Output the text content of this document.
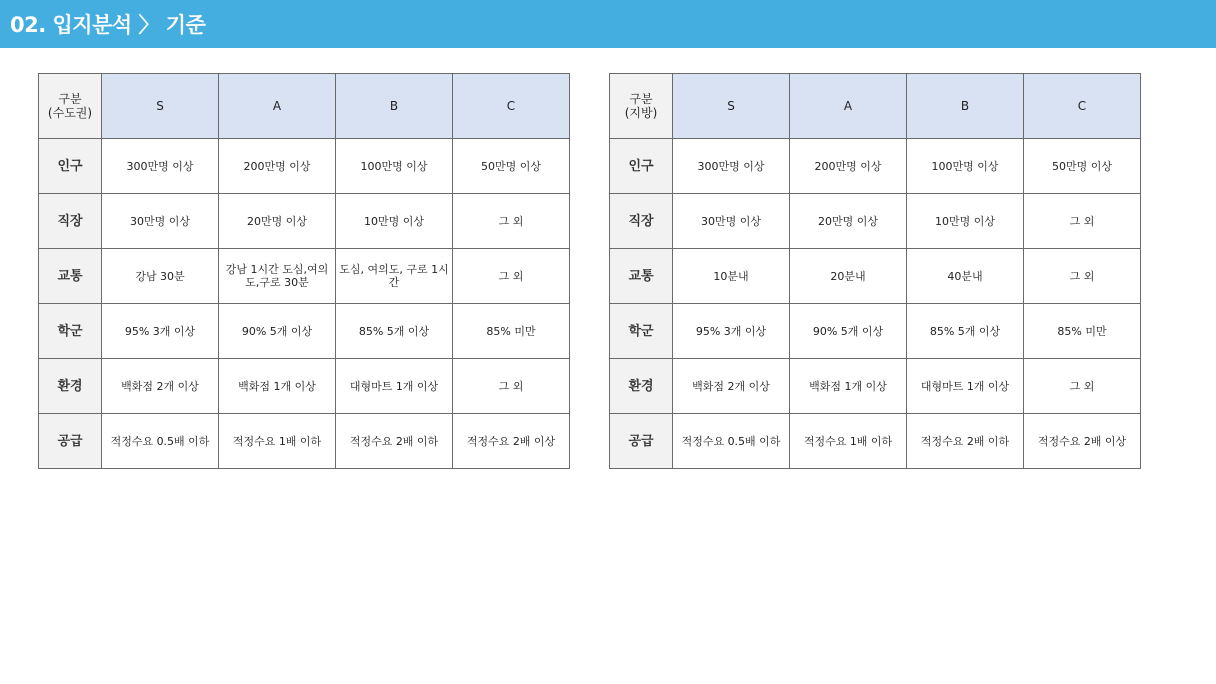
02. 입지분석 〉 기준
구분
(수도권)	S	A	B	C
인구	300만명 이상	200만명 이상	100만명 이상	50만명 이상
직장	30만명 이상	20만명 이상	10만명 이상	그 외
교통	강남 30분	강남 1시간 도심,여의도,구로 30분	도심, 여의도, 구로 1시간	그 외
학군	95% 3개 이상	90% 5개 이상	85% 5개 이상	85% 미만
환경	백화점 2개 이상	백화점 1개 이상	대형마트 1개 이상	그 외
공급	적정수요 0.5배 이하	적정수요 1배 이하	적정수요 2배 이하	적정수요 2배 이상
구분
(지방)	S	A	B	C
인구	300만명 이상	200만명 이상	100만명 이상	50만명 이상
직장	30만명 이상	20만명 이상	10만명 이상	그 외
교통	10분내	20분내	40분내	그 외
학군	95% 3개 이상	90% 5개 이상	85% 5개 이상	85% 미만
환경	백화점 2개 이상	백화점 1개 이상	대형마트 1개 이상	그 외
공급	적정수요 0.5배 이하	적정수요 1배 이하	적정수요 2배 이하	적정수요 2배 이상
